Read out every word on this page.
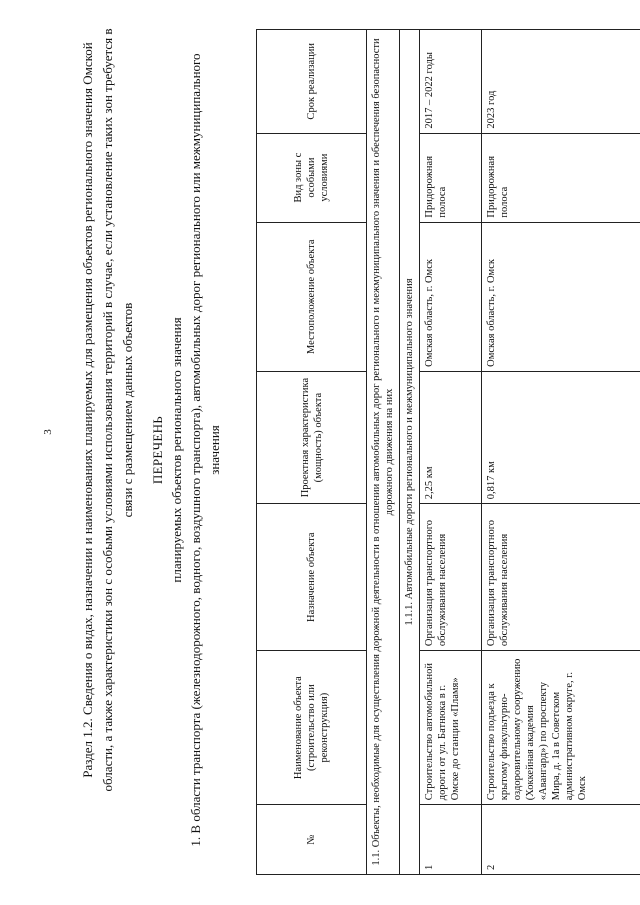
3 Раздел 1.2. Сведения о видах, назначении и наименованиях планируемых для размещения объектов регионального значения Омской области, а также характеристики зон с особыми условиями использования территорий в случае, если установление таких зон требуется в связи с размещением данных объектов ПЕРЕЧЕНЬ планируемых объектов регионального значения 1. В области транспорта (железнодорожного, водного, воздушного транспорта), автомобильных дорог регионального или межмуниципального значения
№	Наименование объекта (строительство или реконструкция)	Назначение объекта	Проектная характеристика (мощность) объекта	Местоположение объекта	Вид зоны с особыми условиями	Срок реализации
1.1. Объекты, необходимые для осуществления дорожной деятельности в отношении автомобильных дорог регионального и межмуниципального значения и обеспечения безопасности дорожного движения на них						
1.1.1. Автомобильные дороги регионального и межмуниципального значения						
1	Строительство автомобильной дороги от ул. Батнюка в г. Омске до станции «Пламя»	Организация транспортного обслуживания населения	2,25 км	Омская область, г. Омск	Придорожная полоса	2017 – 2022 годы
2	Строительство подъезда к крытому физкультурно-оздоровительному сооружению (Хоккейная академия «Авангард») по проспекту Мира, д. 1а в Советском административном округе, г. Омск	Организация транспортного обслуживания населения	0,817 км	Омская область, г. Омск	Придорожная полоса	2023 год
